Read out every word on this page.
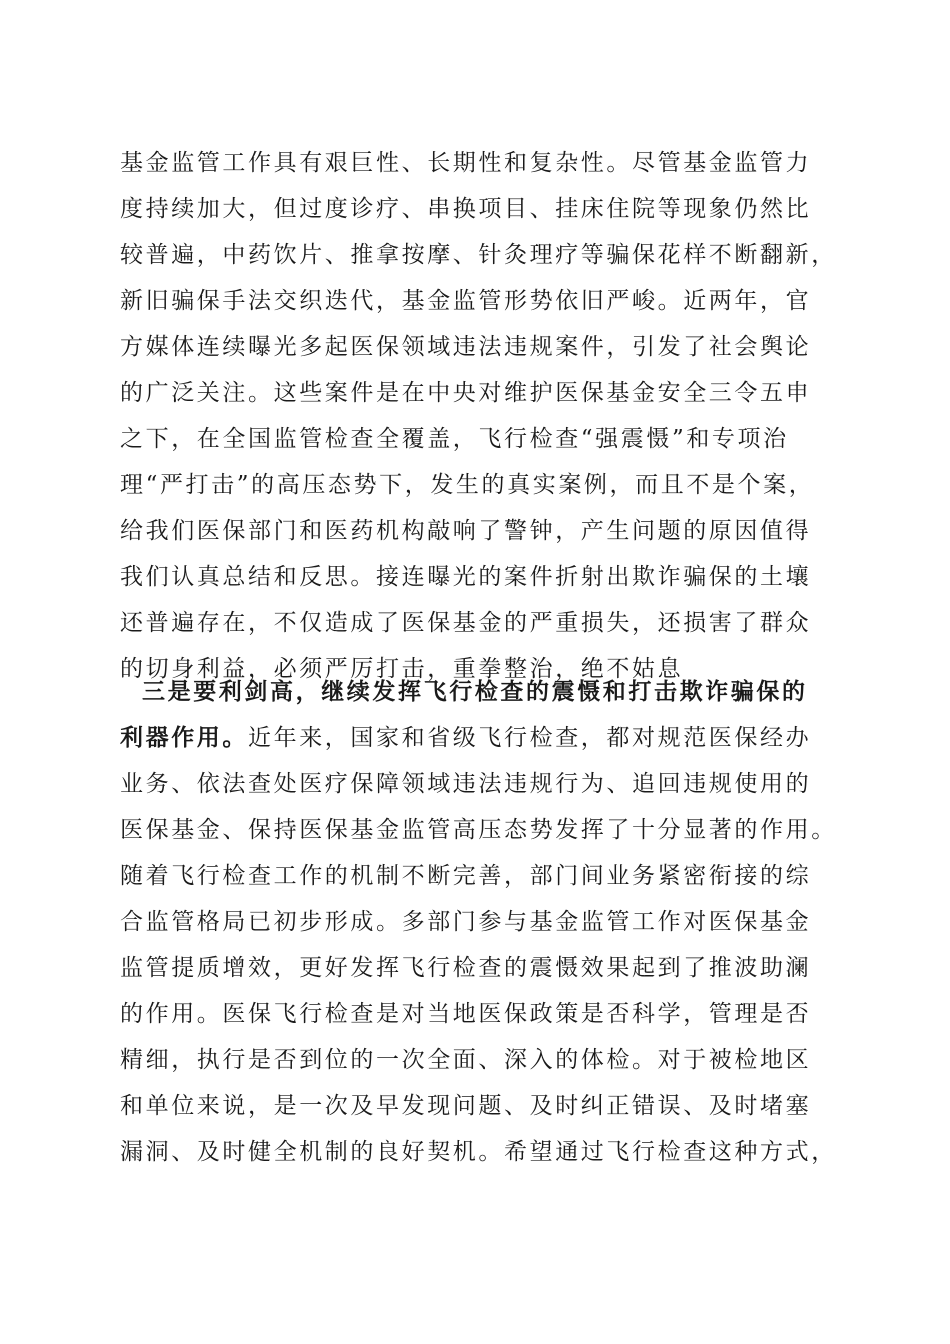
基金监管工作具有艰巨性、长期性和复杂性。尽管基金监管力
度持续加大，但过度诊疗、串换项目、挂床住院等现象仍然比
较普遍，中药饮片、推拿按摩、针灸理疗等骗保花样不断翻新，
新旧骗保手法交织迭代，基金监管形势依旧严峻。近两年，官
方媒体连续曝光多起医保领域违法违规案件，引发了社会舆论
的广泛关注。这些案件是在中央对维护医保基金安全三令五申
之下，在全国监管检查全覆盖，飞行检查“强震慑”和专项治
理“严打击”的高压态势下，发生的真实案例，而且不是个案，
给我们医保部门和医药机构敲响了警钟，产生问题的原因值得
我们认真总结和反思。接连曝光的案件折射出欺诈骗保的土壤
还普遍存在，不仅造成了医保基金的严重损失，还损害了群众
的切身利益，必须严厉打击，重拳整治，绝不姑息
三是要利剑高，继续发挥飞行检查的震慑和打击欺诈骗保的
利器作用。近年来，国家和省级飞行检查，都对规范医保经办
业务、依法查处医疗保障领域违法违规行为、追回违规使用的
医保基金、保持医保基金监管高压态势发挥了十分显著的作用。
随着飞行检查工作的机制不断完善，部门间业务紧密衔接的综
合监管格局已初步形成。多部门参与基金监管工作对医保基金
监管提质增效，更好发挥飞行检查的震慑效果起到了推波助澜
的作用。医保飞行检查是对当地医保政策是否科学，管理是否
精细，执行是否到位的一次全面、深入的体检。对于被检地区
和单位来说，是一次及早发现问题、及时纠正错误、及时堵塞
漏洞、及时健全机制的良好契机。希望通过飞行检查这种方式，
